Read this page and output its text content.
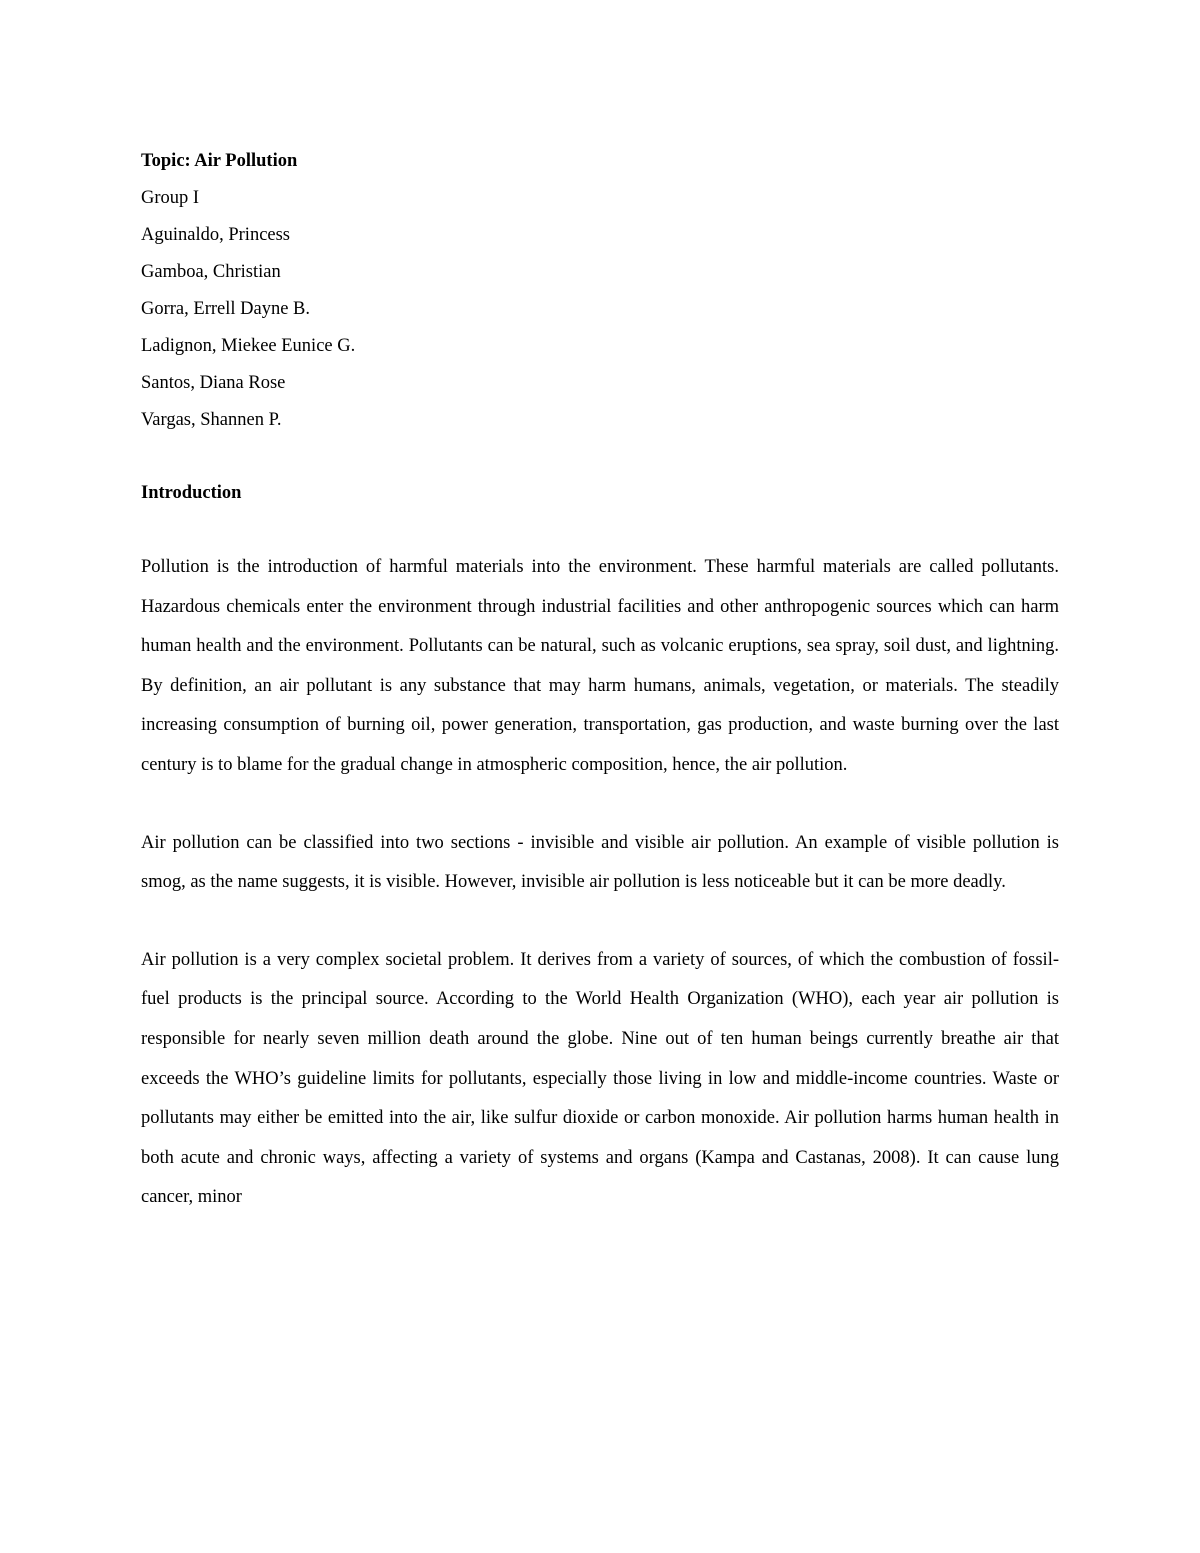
Topic: Air Pollution

Group I

Aguinaldo, Princess

Gamboa, Christian

Gorra, Errell Dayne B.

Ladignon, Miekee Eunice G.

Santos, Diana Rose

Vargas, Shannen P.

Introduction

Pollution is the introduction of harmful materials into the environment. These harmful materials are called pollutants. Hazardous chemicals enter the environment through industrial facilities and other anthropogenic sources which can harm human health and the environment. Pollutants can be natural, such as volcanic eruptions, sea spray, soil dust, and lightning. By definition, an air pollutant is any substance that may harm humans, animals, vegetation, or materials. The steadily increasing consumption of burning oil, power generation, transportation, gas production, and waste burning over the last century is to blame for the gradual change in atmospheric composition, hence, the air pollution.

Air pollution can be classified into two sections - invisible and visible air pollution. An example of visible pollution is smog, as the name suggests, it is visible. However, invisible air pollution is less noticeable but it can be more deadly.

Air pollution is a very complex societal problem. It derives from a variety of sources, of which the combustion of fossil-fuel products is the principal source. According to the World Health Organization (WHO), each year air pollution is responsible for nearly seven million death around the globe. Nine out of ten human beings currently breathe air that exceeds the WHO’s guideline limits for pollutants, especially those living in low and middle-income countries. Waste or pollutants may either be emitted into the air, like sulfur dioxide or carbon monoxide. Air pollution harms human health in both acute and chronic ways, affecting a variety of systems and organs (Kampa and Castanas, 2008). It can cause lung cancer, minor
